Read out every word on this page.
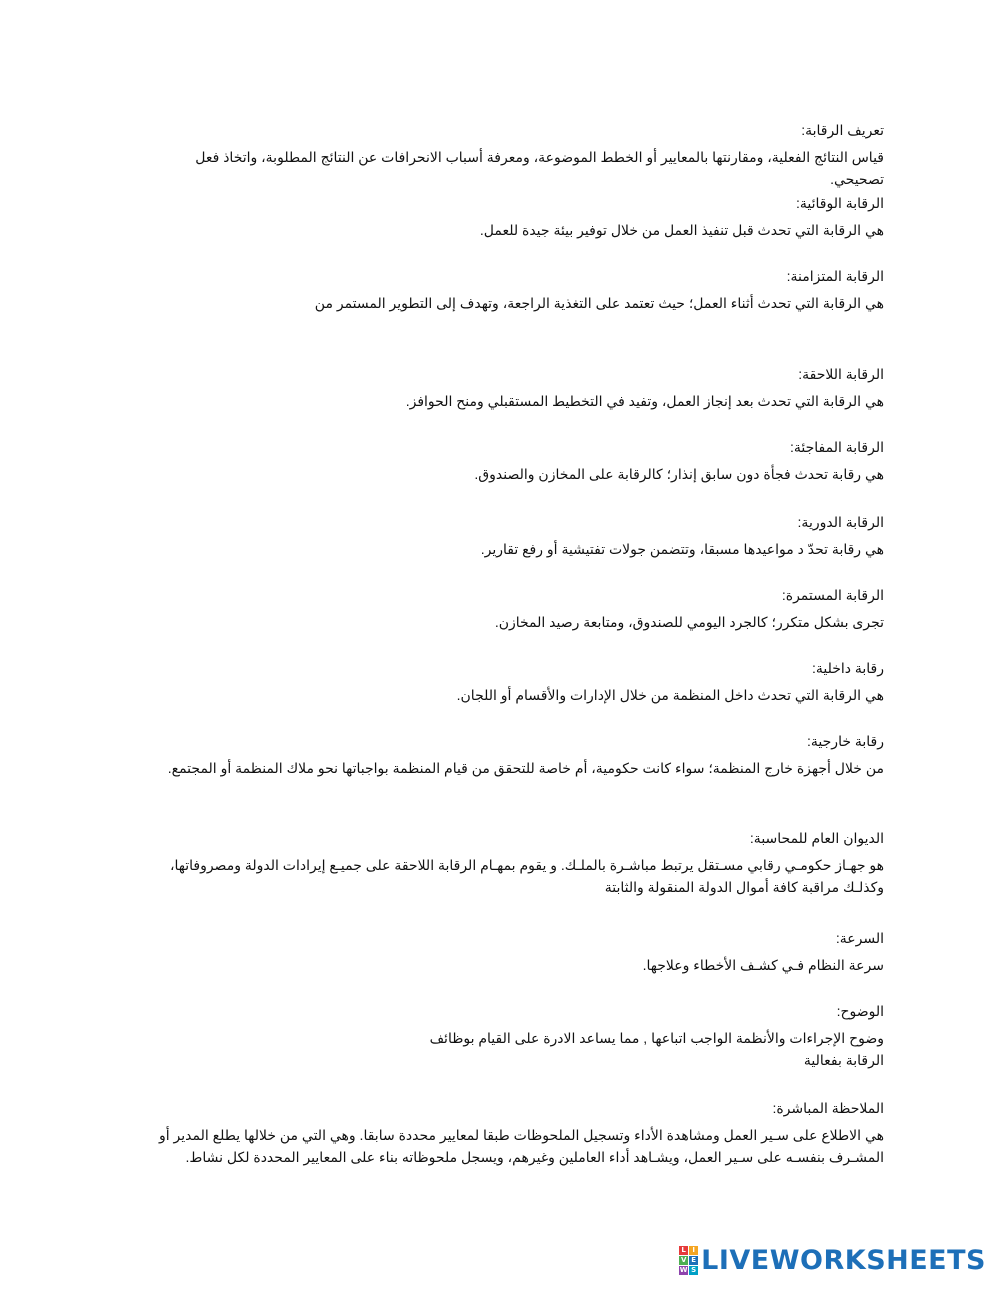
تعريف الرقابة:

قياس النتائج الفعلية، ومقارنتها بالمعايير أو الخطط الموضوعة، ومعرفة أسباب الانحرافات عن النتائج المطلوبة، واتخاذ فعل تصحيحي.

الرقابة الوقائية:

هي الرقابة التي تحدث قبل تنفيذ العمل من خلال توفير بيئة جيدة للعمل.

الرقابة المتزامنة:

هي الرقابة التي تحدث أثناء العمل؛ حيث تعتمد على التغذية الراجعة، وتهدف إلى التطوير المستمر من

الرقابة اللاحقة:

هي الرقابة التي تحدث بعد إنجاز العمل، وتفيد في التخطيط المستقبلي ومنح الحوافز.

الرقابة المفاجئة:

هي رقابة تحدث فجأة دون سابق إنذار؛ كالرقابة على المخازن والصندوق.

الرقابة الدورية:

هي رقابة تحدّ د مواعيدها مسبقا، وتتضمن جولات تفتيشية أو رفع تقارير.

الرقابة المستمرة:

تجرى بشكل متكرر؛ كالجرد اليومي للصندوق، ومتابعة رصيد المخازن.

رقابة داخلية:

هي الرقابة التي تحدث داخل المنظمة من خلال الإدارات والأقسام أو اللجان.

رقابة خارجية:

من خلال أجهزة خارج المنظمة؛ سواء كانت حكومية، أم خاصة للتحقق من قيام المنظمة بواجباتها نحو ملاك المنظمة أو المجتمع.

الديوان العام للمحاسبة:

هو جهـاز حكومـي رقابي مسـتقل يرتبط مباشـرة بالملـك. و يقوم بمهـام الرقابة اللاحقة على جميـع إيرادات الدولة ومصروفاتها،

وكذلـك مراقبة كافة أموال الدولة المنقولة والثابتة

السرعة:

سرعة النظام فـي كشـف الأخطاء وعلاجها.

الوضوح:

وضوح الإجراءات والأنظمة الواجب اتباعها , مما يساعد الادرة على القيام بوظائف

الرقابة بفعالية

الملاحظة المباشرة:

هي الاطلاع على سـير العمل ومشاهدة الأداء وتسجيل الملحوظات طبقا لمعايير محددة سابقا. وهي التي من خلالها يطلع المدير أو

المشـرف بنفسـه على سـير العمل، ويشـاهد أداء العاملين وغيرهم، ويسجل ملحوظاته بناء على المعايير المحددة لكل نشاط.

L I
V E
W S LIVEWORKSHEETS
